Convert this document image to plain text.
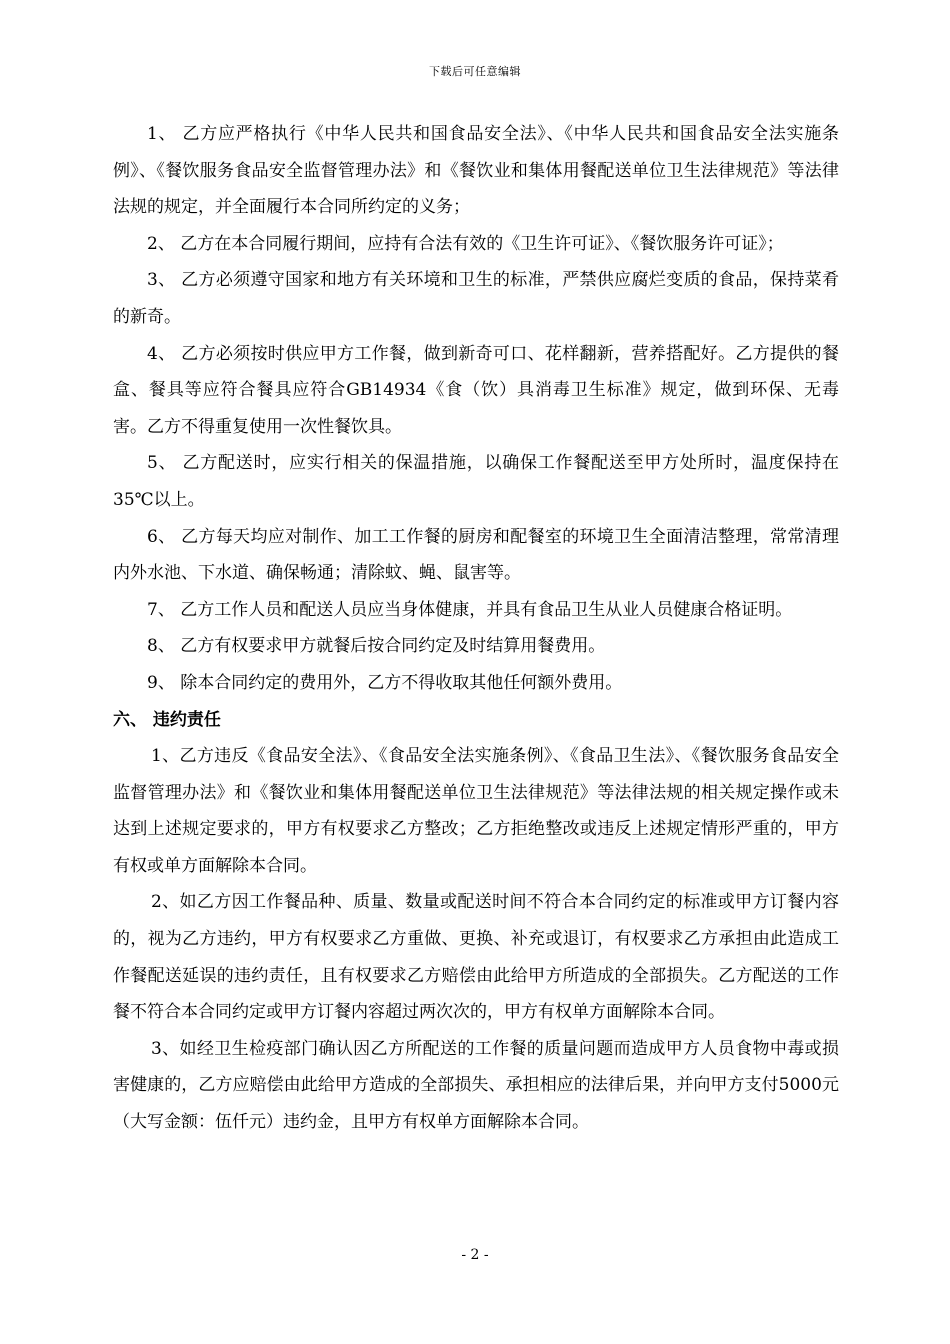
下载后可任意编辑

1、 乙方应严格执行《中华人民共和国食品安全法》、《中华人民共和国食品安全法实施条例》、《餐饮服务食品安全监督管理办法》和《餐饮业和集体用餐配送单位卫生法律规范》等法律法规的规定，并全面履行本合同所约定的义务；

2、 乙方在本合同履行期间，应持有合法有效的《卫生许可证》、《餐饮服务许可证》；

3、 乙方必须遵守国家和地方有关环境和卫生的标准，严禁供应腐烂变质的食品，保持菜肴的新奇。

4、 乙方必须按时供应甲方工作餐，做到新奇可口、花样翻新，营养搭配好。乙方提供的餐盒、餐具等应符合餐具应符合GB14934《食（饮）具消毒卫生标准》规定，做到环保、无毒害。乙方不得重复使用一次性餐饮具。

5、 乙方配送时，应实行相关的保温措施，以确保工作餐配送至甲方处所时，温度保持在35℃以上。

6、 乙方每天均应对制作、加工工作餐的厨房和配餐室的环境卫生全面清洁整理，常常清理内外水池、下水道、确保畅通；清除蚊、蝇、鼠害等。

7、 乙方工作人员和配送人员应当身体健康，并具有食品卫生从业人员健康合格证明。

8、 乙方有权要求甲方就餐后按合同约定及时结算用餐费用。

9、 除本合同约定的费用外，乙方不得收取其他任何额外费用。

六、 违约责任

1、乙方违反《食品安全法》、《食品安全法实施条例》、《食品卫生法》、《餐饮服务食品安全监督管理办法》和《餐饮业和集体用餐配送单位卫生法律规范》等法律法规的相关规定操作或未达到上述规定要求的，甲方有权要求乙方整改；乙方拒绝整改或违反上述规定情形严重的，甲方有权或单方面解除本合同。

2、如乙方因工作餐品种、质量、数量或配送时间不符合本合同约定的标准或甲方订餐内容的，视为乙方违约，甲方有权要求乙方重做、更换、补充或退订，有权要求乙方承担由此造成工作餐配送延误的违约责任，且有权要求乙方赔偿由此给甲方所造成的全部损失。乙方配送的工作餐不符合本合同约定或甲方订餐内容超过两次次的，甲方有权单方面解除本合同。

3、如经卫生检疫部门确认因乙方所配送的工作餐的质量问题而造成甲方人员食物中毒或损害健康的，乙方应赔偿由此给甲方造成的全部损失、承担相应的法律后果，并向甲方支付5000元（大写金额：伍仟元）违约金，且甲方有权单方面解除本合同。

- 2 -
